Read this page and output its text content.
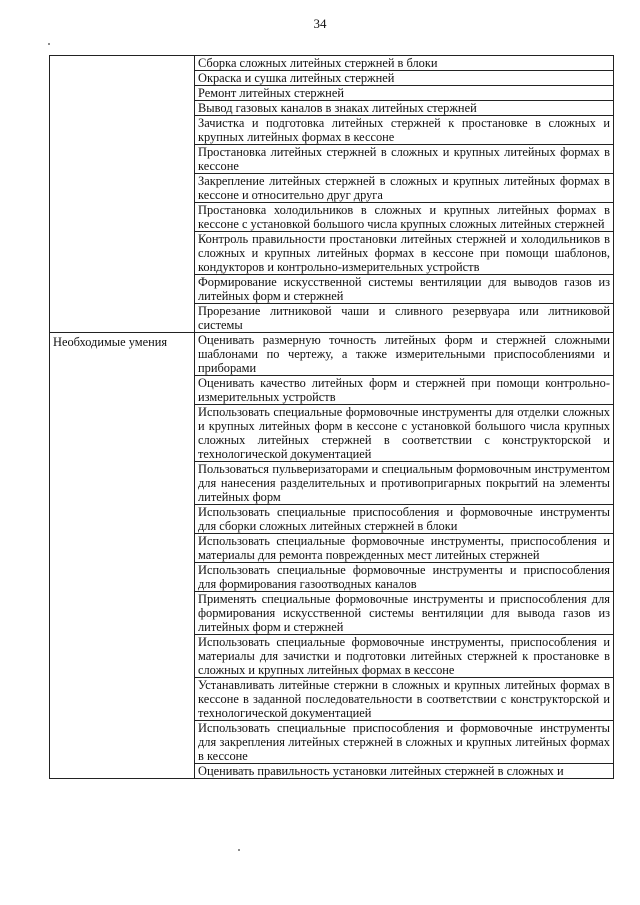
34
	Сборка сложных литейных стержней в блоки
	Окраска и сушка литейных стержней
	Ремонт литейных стержней
	Вывод газовых каналов в знаках литейных стержней
	Зачистка и подготовка литейных стержней к простановке в сложных и крупных литейных формах в кессоне
	Простановка литейных стержней в сложных и крупных литейных формах в кессоне
	Закрепление литейных стержней в сложных и крупных литейных формах в кессоне и относительно друг друга
	Простановка холодильников в сложных и крупных литейных формах в кессоне с установкой большого числа крупных сложных литейных стержней
	Контроль правильности простановки литейных стержней и холодильников в сложных и крупных литейных формах в кессоне при помощи шаблонов, кондукторов и контрольно-измерительных устройств
	Формирование искусственной системы вентиляции для выводов газов из литейных форм и стержней
	Прорезание литниковой чаши и сливного резервуара или литниковой системы
Необходимые умения	Оценивать размерную точность литейных форм и стержней сложными шаблонами по чертежу, а также измерительными приспособлениями и приборами
	Оценивать качество литейных форм и стержней при помощи контрольно-измерительных устройств
	Использовать специальные формовочные инструменты для отделки сложных и крупных литейных форм в кессоне с установкой большого числа крупных сложных литейных стержней в соответствии с конструкторской и технологической документацией
	Пользоваться пульверизаторами и специальным формовочным инструментом для нанесения разделительных и противопригарных покрытий на элементы литейных форм
	Использовать специальные приспособления и формовочные инструменты для сборки сложных литейных стержней в блоки
	Использовать специальные формовочные инструменты, приспособления и материалы для ремонта поврежденных мест литейных стержней
	Использовать специальные формовочные инструменты и приспособления для формирования газоотводных каналов
	Применять специальные формовочные инструменты и приспособления для формирования искусственной системы вентиляции для вывода газов из литейных форм и стержней
	Использовать специальные формовочные инструменты, приспособления и материалы для зачистки и подготовки литейных стержней к простановке в сложных и крупных литейных формах в кессоне
	Устанавливать литейные стержни в сложных и крупных литейных формах в кессоне в заданной последовательности в соответствии с конструкторской и технологической документацией
	Использовать специальные приспособления и формовочные инструменты для закрепления литейных стержней в сложных и крупных литейных формах в кессоне
	Оценивать правильность установки литейных стержней в сложных и
